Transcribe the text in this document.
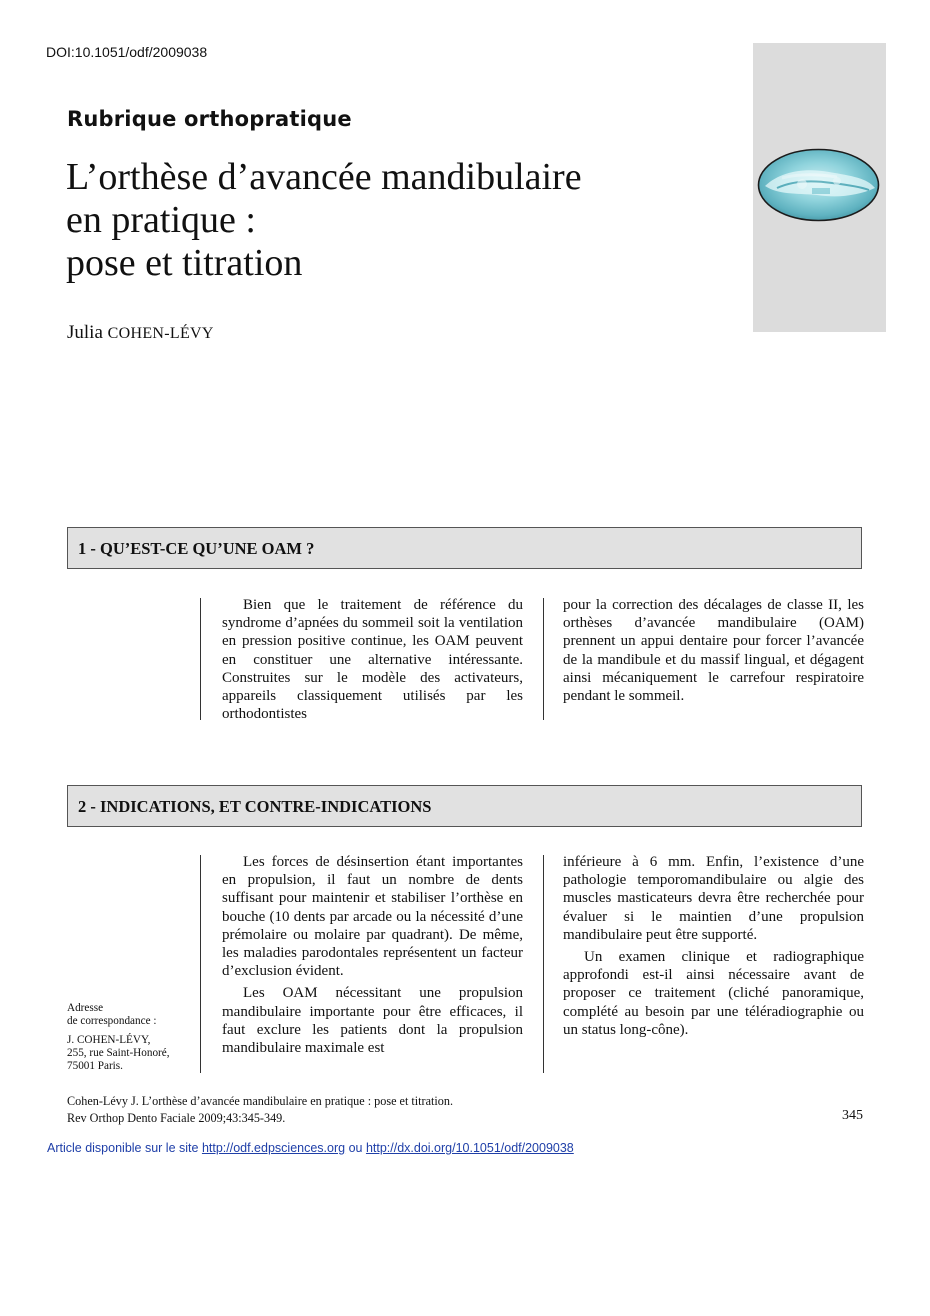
DOI:10.1051/odf/2009038
Rubrique orthopratique
L’orthèse d’avancée mandibulaire
en pratique :
pose et titration
Julia COHEN-LÉVY
1 - QU’EST-CE QU’UNE OAM ?

Bien que le traitement de référence du syndrome d’apnées du sommeil soit la ventilation en pression positive continue, les OAM peuvent en constituer une alternative intéressante. Construites sur le modèle des activateurs, appareils classiquement utilisés par les orthodontistes

pour la correction des décalages de classe II, les orthèses d’avancée mandibulaire (OAM) prennent un appui dentaire pour forcer l’avancée de la mandibule et du massif lingual, et dégagent ainsi mécaniquement le carrefour respiratoire pendant le sommeil.

2 - INDICATIONS, ET CONTRE-INDICATIONS

Les forces de désinsertion étant importantes en propulsion, il faut un nombre de dents suffisant pour maintenir et stabiliser l’orthèse en bouche (10 dents par arcade ou la nécessité d’une prémolaire ou molaire par quadrant). De même, les maladies parodontales représentent un facteur d’exclusion évident.

Les OAM nécessitant une propulsion mandibulaire importante pour être efficaces, il faut exclure les patients dont la propulsion mandibulaire maximale est

inférieure à 6 mm. Enfin, l’existence d’une pathologie temporomandibulaire ou algie des muscles masticateurs devra être recherchée pour évaluer si le maintien d’une propulsion mandibulaire peut être supporté.

Un examen clinique et radiographique approfondi est-il ainsi nécessaire avant de proposer ce traitement (cliché panoramique, complété au besoin par une téléradiographie ou un status long-cône).

Adresse
de correspondance :
J. COHEN-LÉVY,
255, rue Saint-Honoré,
75001 Paris.
Cohen-Lévy J. L’orthèse d’avancée mandibulaire en pratique : pose et titration.
Rev Orthop Dento Faciale 2009;43:345-349.	345
Article disponible sur le site http://odf.edpsciences.org ou http://dx.doi.org/10.1051/odf/2009038
